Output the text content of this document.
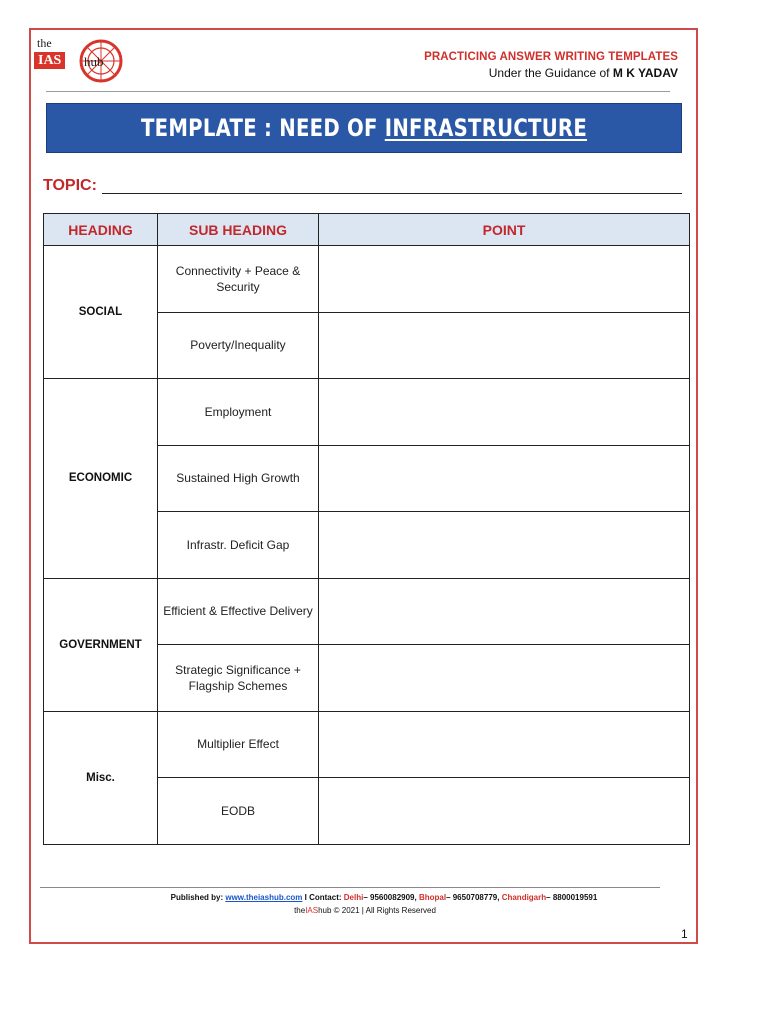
the
IAS	hub	PRACTICING ANSWER WRITING TEMPLATES
Under the Guidance of M K YADAV
TEMPLATE : NEED OF INFRASTRUCTURE
TOPIC:
HEADING	SUB HEADING	POINT
SOCIAL	Connectivity + Peace & Security	
	Poverty/Inequality	
ECONOMIC	Employment	
	Sustained High Growth	
	Infrastr. Deficit Gap	
GOVERNMENT	Efficient & Effective Delivery	
	Strategic Significance + Flagship Schemes	
Misc.	Multiplier Effect	
	EODB	
Published by: www.theiashub.com I Contact: Delhi– 9560082909, Bhopal– 9650708779, Chandigarh– 8800019591
theIAShub © 2021 | All Rights Reserved
1
